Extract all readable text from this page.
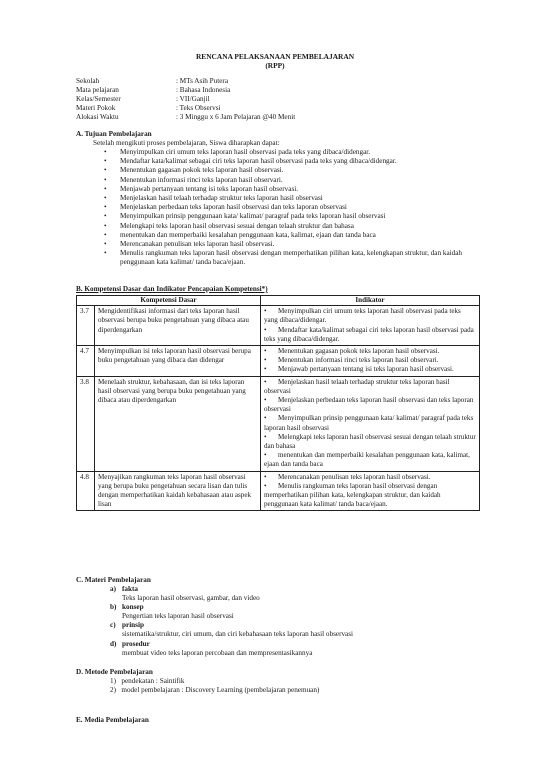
RENCANA PELAKSANAAN PEMBELAJARAN
(RPP)
Sekolah	: MTs Asih Putera
Mata pelajaran	: Bahasa Indonesia
Kelas/Semester	: VII/Ganjil
Materi Pokok	: Teks Observsi
Alokasi Waktu	: 3 Minggu x 6 Jam Pelajaran @40 Menit
A. Tujuan Pembelajaran
Setelah mengikuti proses pembelajaran, Siswa diharapkan dapat:
• Menyimpulkan ciri umum teks laporan hasil observasi pada teks yang dibaca/didengar.
• Mendaftar kata/kalimat sebagai ciri teks laporan hasil observasi pada teks yang dibaca/didengar.
• Menentukan gagasan pokok teks laporan hasil observasi.
• Menentukan informasi rinci teks laporan hasil observari.
• Menjawab pertanyaan tentang isi teks laporan hasil observasi.
• Menjelaskan hasil telaah terhadap struktur teks laporan hasil observasi
• Menjelaskan perbedaan teks laporan hasil observasi dan teks laporan observasi
• Menyimpulkan prinsip penggunaan kata/ kalimat/ paragraf pada teks laporan hasil observasi
• Melengkapi teks laporan hasil observasi sesuai dengan telaah struktur dan bahasa
• menentukan dan memperbaiki kesalahan penggunaan kata, kalimat, ejaan dan tanda baca
• Merencanakan penulisan teks laporan hasil observasi.
• Menulis rangkuman teks laporan hasil observasi dengan memperhatikan pilihan kata, kelengkapan struktur, dan kaidah penggunaan kata kalimat/ tanda baca/ejaan.
B. Kompetensi Dasar dan Indikator Pencapaian Kompetensi*)
Kompetensi Dasar		Indikator
3.7	Mengidentifikasi informasi dari teks laporan hasil observasi berupa buku pengetahuan yang dibaca atau diperdengarkan	• Menyimpulkan ciri umum teks laporan hasil observasi pada teks yang dibaca/didengar.
• Mendaftar kata/kalimat sebagai ciri teks laporan hasil observasi pada teks yang dibaca/didengar.

4.7	Menyimpulkan isi teks laporan hasil observasi berupa buku pengetahuan yang dibaca dan didengar	• Menentukan gagasan pokok teks laporan hasil observasi.
• Menentukan informasi rinci teks laporan hasil observari.
• Menjawab pertanyaan tentang isi teks laporan hasil observasi.

3.8	Menelaah struktur, kebahasaan, dan isi teks laporan hasil observasi yang berupa buku pengetahuan yang dibaca atau diperdengarkan	• Menjelaskan hasil telaah terhadap struktur teks laporan hasil observasi
• Menjelaskan perbedaan teks laporan hasil observasi dan teks laporan observasi
• Menyimpulkan prinsip penggunaan kata/ kalimat/ paragraf pada teks laporan hasil observasi
• Melengkapi teks laporan hasil observasi sesuai dengan telaah struktur dan bahasa
• menentukan dan memperbaiki kesalahan penggunaan kata, kalimat, ejaan dan tanda baca

4.8	Menyajikan rangkuman teks laporan hasil observasi yang berupa buku pengetahuan secara lisan dan tulis dengan memperhatikan kaidah kebahasaan atau aspek lisan	• Merencanakan penulisan teks laporan hasil observasi.
• Menulis rangkuman teks laporan hasil observasi dengan memperhatikan pilihan kata, kelengkapan struktur, dan kaidah penggunaan kata kalimat/ tanda baca/ejaan.
C. Materi Pembelajaran
a) fakta
Teks laporan hasil observasi, gambar, dan video
b) konsep
Pengertian teks laporan hasil observasi
c) prinsip
sistematika/struktur, ciri umum, dan ciri kebahasaan teks laporan hasil observasi
d) prosedur
membuat video teks laporan percobaan dan mempresentasikannya
D. Metode Pembelajaran
1)   pendekatan : Saintifik
2)   model pembelajaran : Discovery Learning (pembelajaran penemuan)
E. Media Pembelajaran
